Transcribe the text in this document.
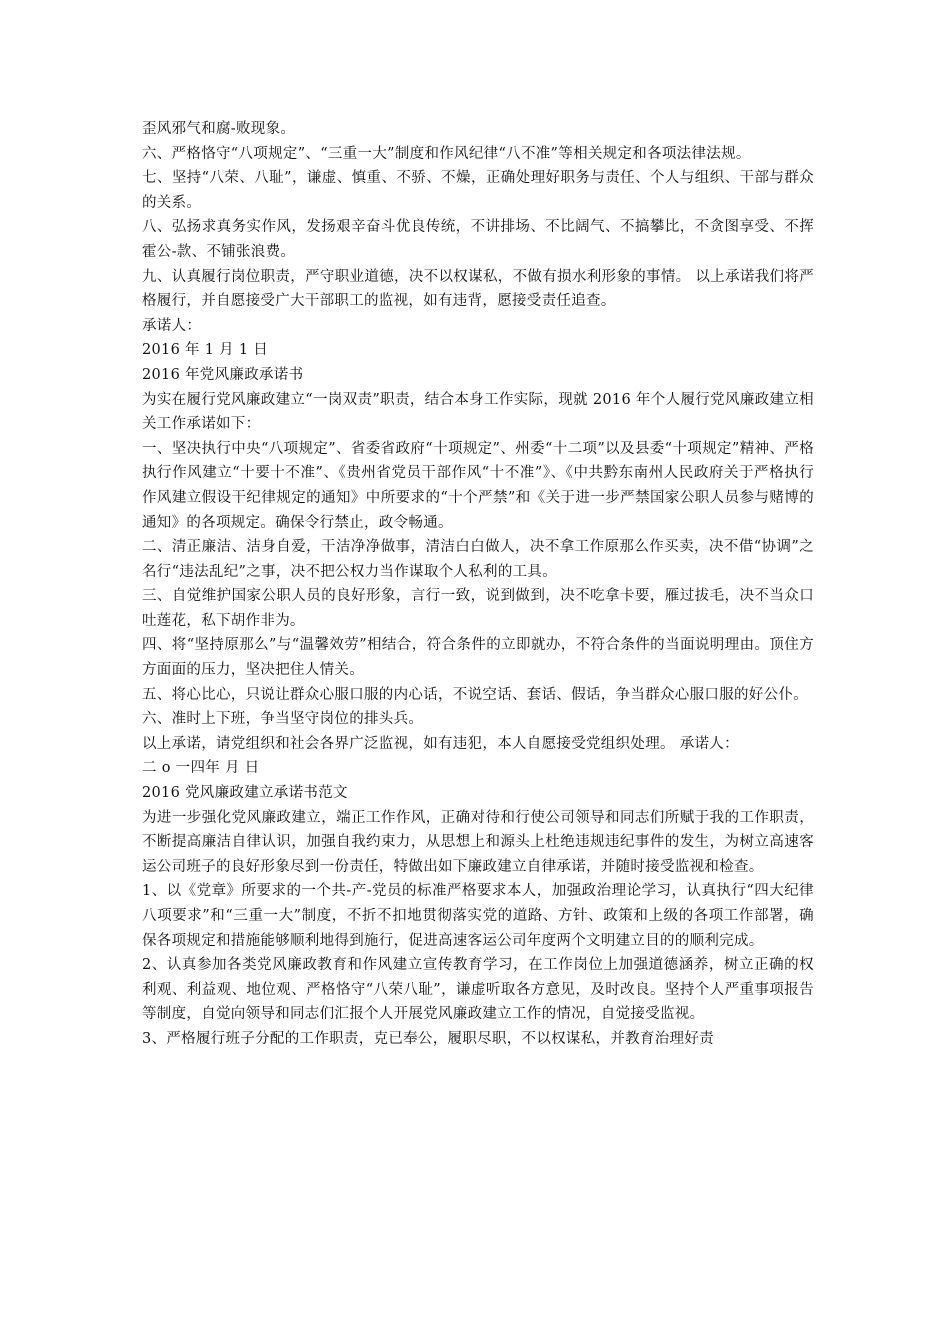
歪风邪气和腐-败现象。

六、严格恪守“八项规定”、“三重一大”制度和作风纪律“八不准”等相关规定和各项法律法规。

七、坚持“八荣、八耻”，谦虚、慎重、不骄、不燥，正确处理好职务与责任、个人与组织、干部与群众的关系。

八、弘扬求真务实作风，发扬艰辛奋斗优良传统，不讲排场、不比阔气、不搞攀比，不贪图享受、不挥霍公-款、不铺张浪费。

九、认真履行岗位职责，严守职业道德，决不以权谋私，不做有损水利形象的事情。 以上承诺我们将严格履行，并自愿接受广大干部职工的监视，如有违背，愿接受责任追查。

承诺人：

2016 年 1 月 1 日

2016 年党风廉政承诺书

为实在履行党风廉政建立“一岗双责”职责，结合本身工作实际，现就 2016 年个人履行党风廉政建立相关工作承诺如下：

一、坚决执行中央“八项规定”、省委省政府“十项规定”、州委“十二项”以及县委“十项规定”精神、严格执行作风建立“十要十不准”、《贵州省党员干部作风“十不准”》、《中共黔东南州人民政府关于严格执行作风建立假设干纪律规定的通知》中所要求的“十个严禁”和《关于进一步严禁国家公职人员参与赌博的通知》的各项规定。确保令行禁止，政令畅通。

二、清正廉洁、洁身自爱，干洁净净做事，清洁白白做人，决不拿工作原那么作买卖，决不借“协调”之名行“违法乱纪”之事，决不把公权力当作谋取个人私利的工具。

三、自觉维护国家公职人员的良好形象，言行一致，说到做到，决不吃拿卡要，雁过拔毛，决不当众口吐莲花，私下胡作非为。

四、将“坚持原那么”与“温馨效劳”相结合，符合条件的立即就办，不符合条件的当面说明理由。顶住方方面面的压力，坚决把住人情关。

五、将心比心，只说让群众心服口服的内心话，不说空话、套话、假话，争当群众心服口服的好公仆。

六、准时上下班，争当坚守岗位的排头兵。

以上承诺，请党组织和社会各界广泛监视，如有违犯，本人自愿接受党组织处理。 承诺人：

二 o 一四年 月 日

2016 党风廉政建立承诺书范文

为进一步强化党风廉政建立，端正工作作风，正确对待和行使公司领导和同志们所赋于我的工作职责，不断提高廉洁自律认识，加强自我约束力，从思想上和源头上杜绝违规违纪事件的发生，为树立高速客运公司班子的良好形象尽到一份责任，特做出如下廉政建立自律承诺，并随时接受监视和检查。

1、以《党章》所要求的一个共-产-党员的标准严格要求本人，加强政治理论学习，认真执行“四大纪律八项要求”和“三重一大”制度，不折不扣地贯彻落实党的道路、方针、政策和上级的各项工作部署，确保各项规定和措施能够顺利地得到施行，促进高速客运公司年度两个文明建立目的的顺利完成。

2、认真参加各类党风廉政教育和作风建立宣传教育学习，在工作岗位上加强道德涵养，树立正确的权利观、利益观、地位观、严格恪守“八荣八耻”，谦虚听取各方意见，及时改良。坚持个人严重事项报告等制度，自觉向领导和同志们汇报个人开展党风廉政建立工作的情况，自觉接受监视。

3、严格履行班子分配的工作职责，克已奉公，履职尽职，不以权谋私，并教育治理好责
